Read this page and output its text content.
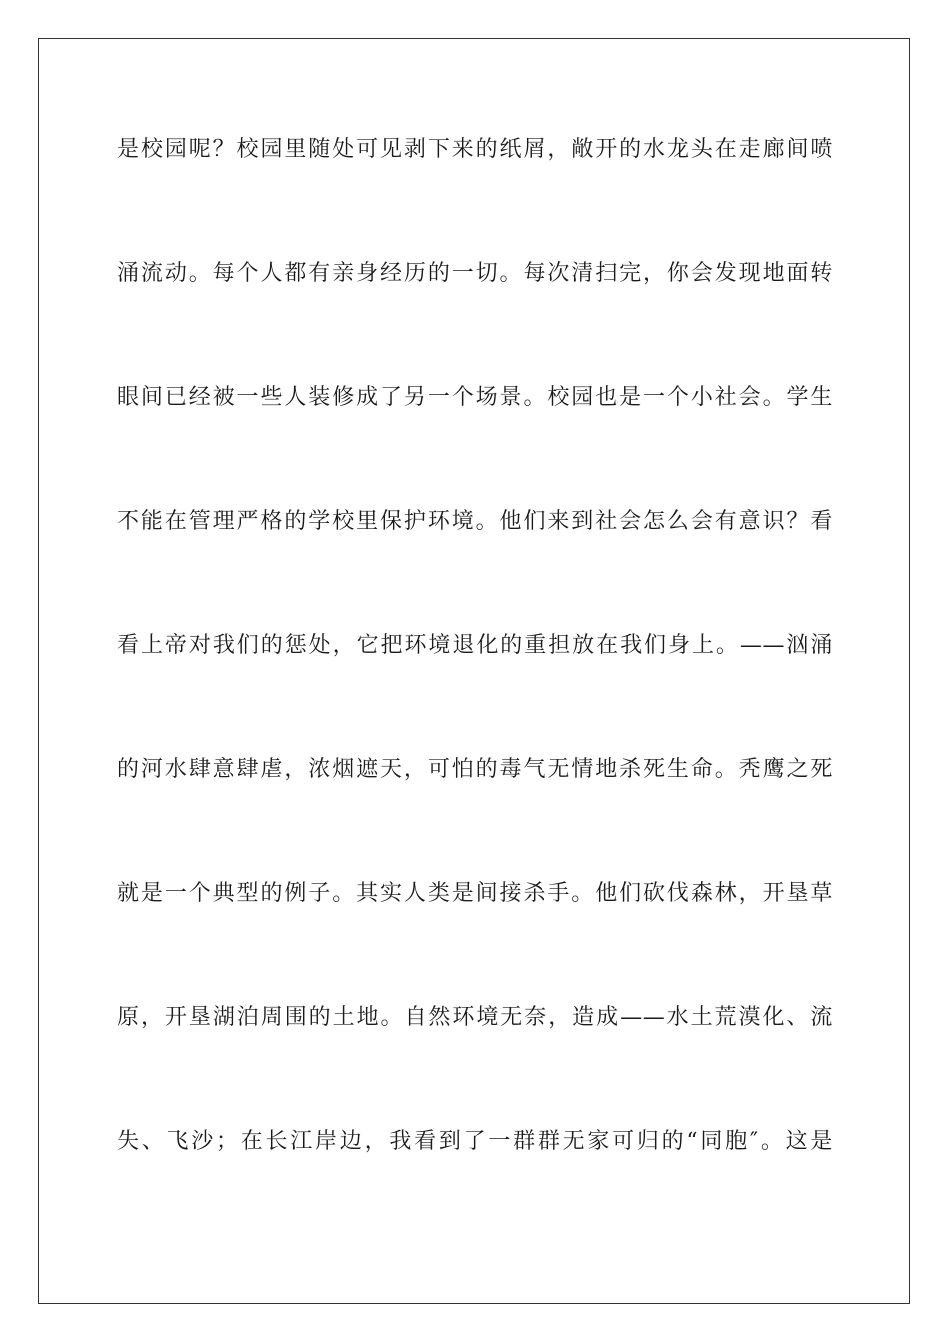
是校园呢？校园里随处可见剥下来的纸屑，敞开的水龙头在走廊间喷
涌流动。每个人都有亲身经历的一切。每次清扫完，你会发现地面转
眼间已经被一些人装修成了另一个场景。校园也是一个小社会。学生
不能在管理严格的学校里保护环境。他们来到社会怎么会有意识？看
看上帝对我们的惩处，它把环境退化的重担放在我们身上。——汹涌
的河水肆意肆虐，浓烟遮天，可怕的毒气无情地杀死生命。秃鹰之死
就是一个典型的例子。其实人类是间接杀手。他们砍伐森林，开垦草
原，开垦湖泊周围的土地。自然环境无奈，造成——水土荒漠化、流
失、飞沙；在长江岸边，我看到了一群群无家可归的“同胞″。这是
